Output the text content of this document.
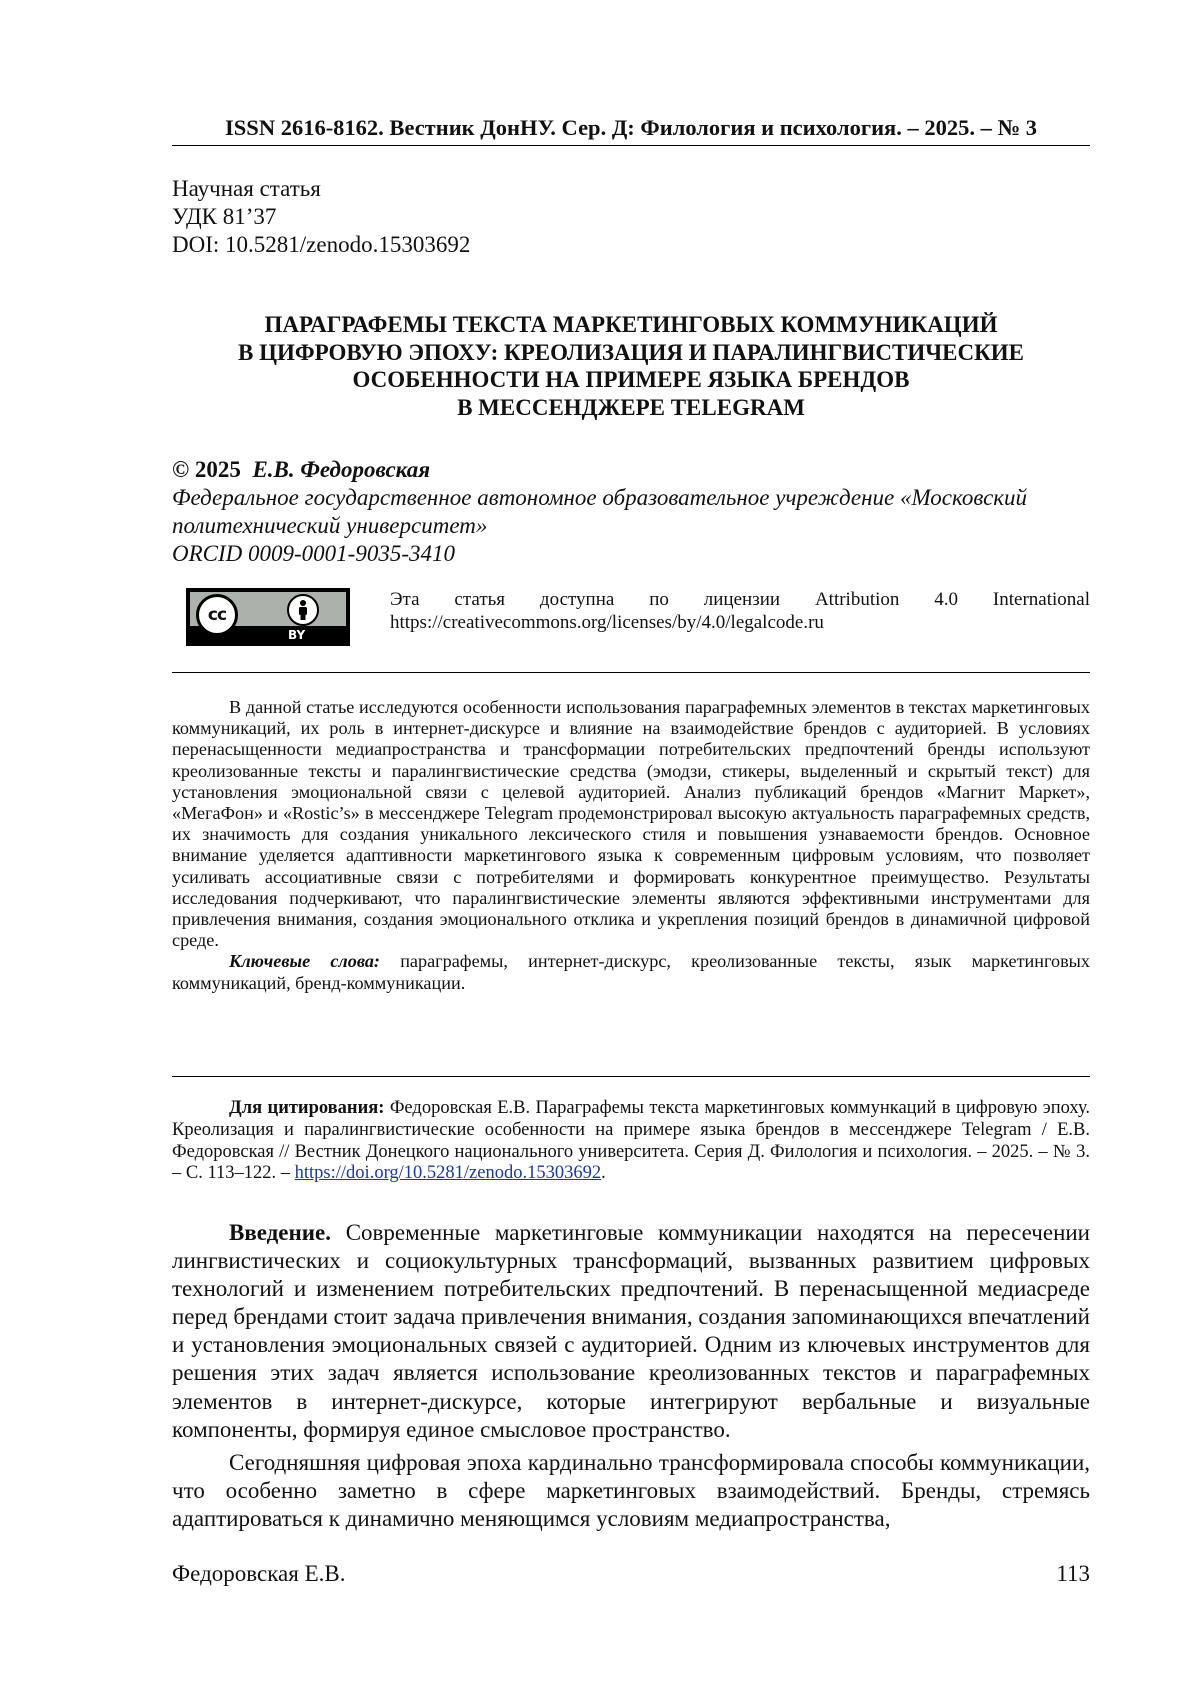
ISSN 2616-8162. Вестник ДонНУ. Сер. Д: Филология и психология. – 2025. – № 3
Научная статья
УДК 81’37
DOI: 10.5281/zenodo.15303692
ПАРАГРАФЕМЫ ТЕКСТА МАРКЕТИНГОВЫХ КОММУНИКАЦИЙ
В ЦИФРОВУЮ ЭПОХУ: КРЕОЛИЗАЦИЯ И ПАРАЛИНГВИСТИЧЕСКИЕ
ОСОБЕННОСТИ НА ПРИМЕРЕ ЯЗЫКА БРЕНДОВ
В МЕССЕНДЖЕРЕ TELEGRAM
© 2025 Е.В. Федоровская
Федеральное государственное автономное образовательное учреждение «Московский
политехнический университет»
ORCID 0009-0001-9035-3410
cc
BY
Эта статья доступна по лицензии Attribution 4.0 International
https://creativecommons.org/licenses/by/4.0/legalcode.ru

В данной статье исследуются особенности использования параграфемных элементов в текстах маркетинговых коммуникаций, их роль в интернет-дискурсе и влияние на взаимодействие брендов с аудиторией. В условиях перенасыщенности медиапространства и трансформации потребительских предпочтений бренды используют креолизованные тексты и паралингвистические средства (эмодзи, стикеры, выделенный и скрытый текст) для установления эмоциональной связи с целевой аудиторией. Анализ публикаций брендов «Магнит Маркет», «МегаФон» и «Rostic’s» в мессенджере Telegram продемонстрировал высокую актуальность параграфемных средств, их значимость для создания уникального лексического стиля и повышения узнаваемости брендов. Основное внимание уделяется адаптивности маркетингового языка к современным цифровым условиям, что позволяет усиливать ассоциативные связи с потребителями и формировать конкурентное преимущество. Результаты исследования подчеркивают, что паралингвистические элементы являются эффективными инструментами для привлечения внимания, создания эмоционального отклика и укрепления позиций брендов в динамичной цифровой среде.

Ключевые слова: параграфемы, интернет-дискурс, креолизованные тексты, язык маркетинговых коммуникаций, бренд-коммуникации.

Для цитирования: Федоровская Е.В. Параграфемы текста маркетинговых коммункаций в цифровую эпоху. Креолизация и паралингвистические особенности на примере языка брендов в мессенджере Telegram / Е.В. Федоровская // Вестник Донецкого национального университета. Серия Д. Филология и психология. – 2025. – № 3. – С. 113–122. – https://doi.org/10.5281/zenodo.15303692.

Введение. Современные маркетинговые коммуникации находятся на пересечении лингвистических и социокультурных трансформаций, вызванных развитием цифровых технологий и изменением потребительских предпочтений. В перенасыщенной медиасреде перед брендами стоит задача привлечения внимания, создания запоминающихся впечатлений и установления эмоциональных связей с аудиторией. Одним из ключевых инструментов для решения этих задач является использование креолизованных текстов и параграфемных элементов в интернет-дискурсе, которые интегрируют вербальные и визуальные компоненты, формируя единое смысловое пространство.

Сегодняшняя цифровая эпоха кардинально трансформировала способы коммуникации, что особенно заметно в сфере маркетинговых взаимодействий. Бренды, стремясь адаптироваться к динамично меняющимся условиям медиапространства,

Федоровская Е.В.	113
